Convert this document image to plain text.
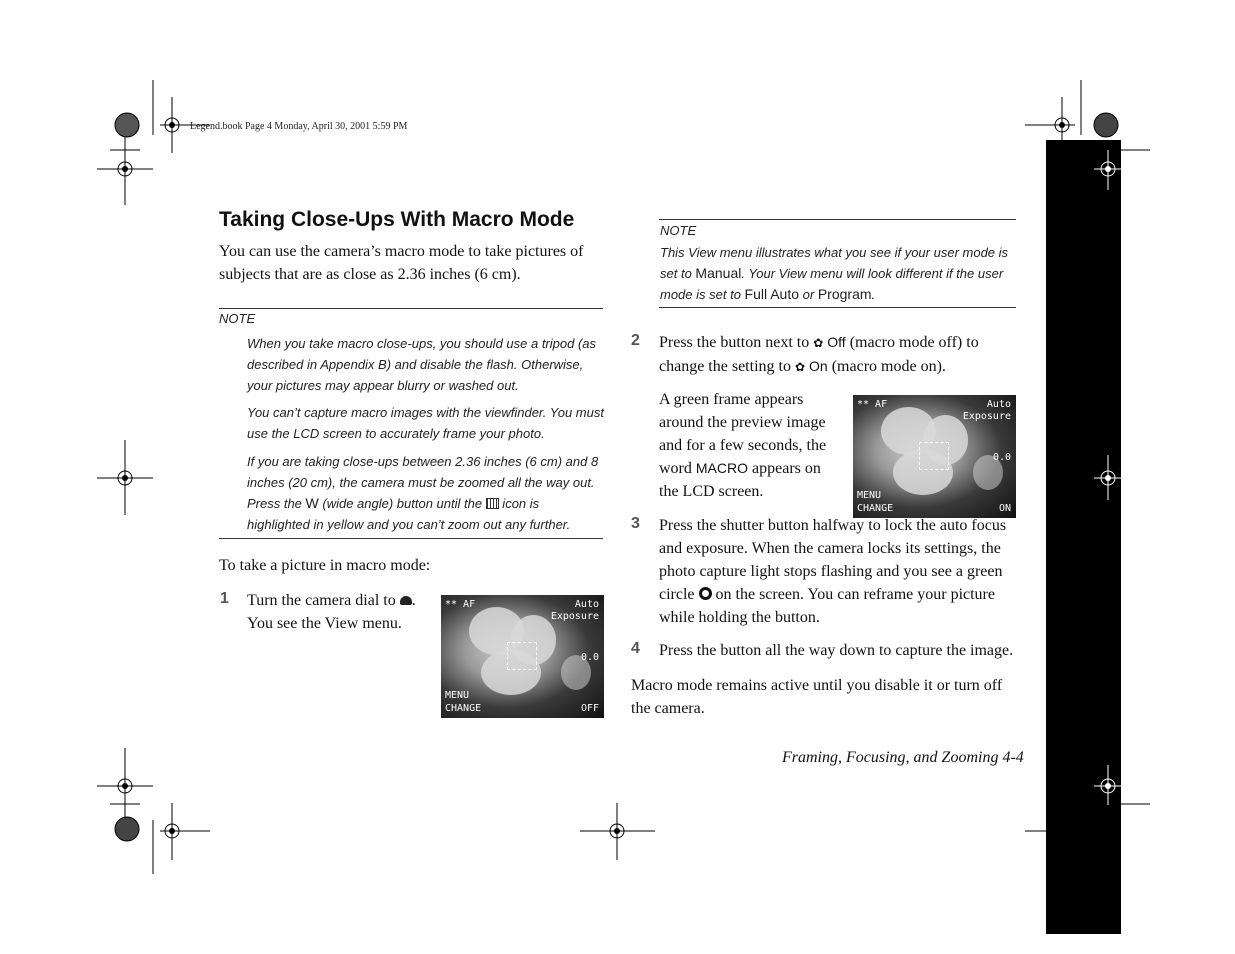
Legend.book Page 4 Monday, April 30, 2001 5:59 PM
Taking Close-Ups With Macro Mode
You can use the camera’s macro mode to take pictures of subjects that are as close as 2.36 inches (6 cm).
NOTE
When you take macro close-ups, you should use a tripod (as described in Appendix B) and disable the flash. Otherwise, your pictures may appear blurry or washed out.
You can’t capture macro images with the viewfinder. You must use the LCD screen to accurately frame your photo.
If you are taking close-ups between 2.36 inches (6 cm) and 8 inches (20 cm), the camera must be zoomed all the way out. Press the W (wide angle) button until the  icon is highlighted in yellow and you can’t zoom out any further.
To take a picture in macro mode:
1 Turn the camera dial to .
You see the View menu.
** AF	Auto
Exposure
0.0
MENU
CHANGE	OFF
NOTE
This View menu illustrates what you see if your user mode is set to Manual. Your View menu will look different if the user mode is set to Full Auto or Program.
2 Press the button next to ✿ Off (macro mode off) to change the setting to ✿ On (macro mode on).
A green frame appears around the preview image and for a few seconds, the word MACRO appears on the LCD screen.
** AF	Auto
Exposure
0.0
MENU
CHANGE	ON
3 Press the shutter button halfway to lock the auto focus and exposure. When the camera locks its settings, the photo capture light stops flashing and you see a green circle  on the screen. You can reframe your picture while holding the button.
4 Press the button all the way down to capture the image.
Macro mode remains active until you disable it or turn off the camera.
Framing, Focusing, and Zooming 4-4
